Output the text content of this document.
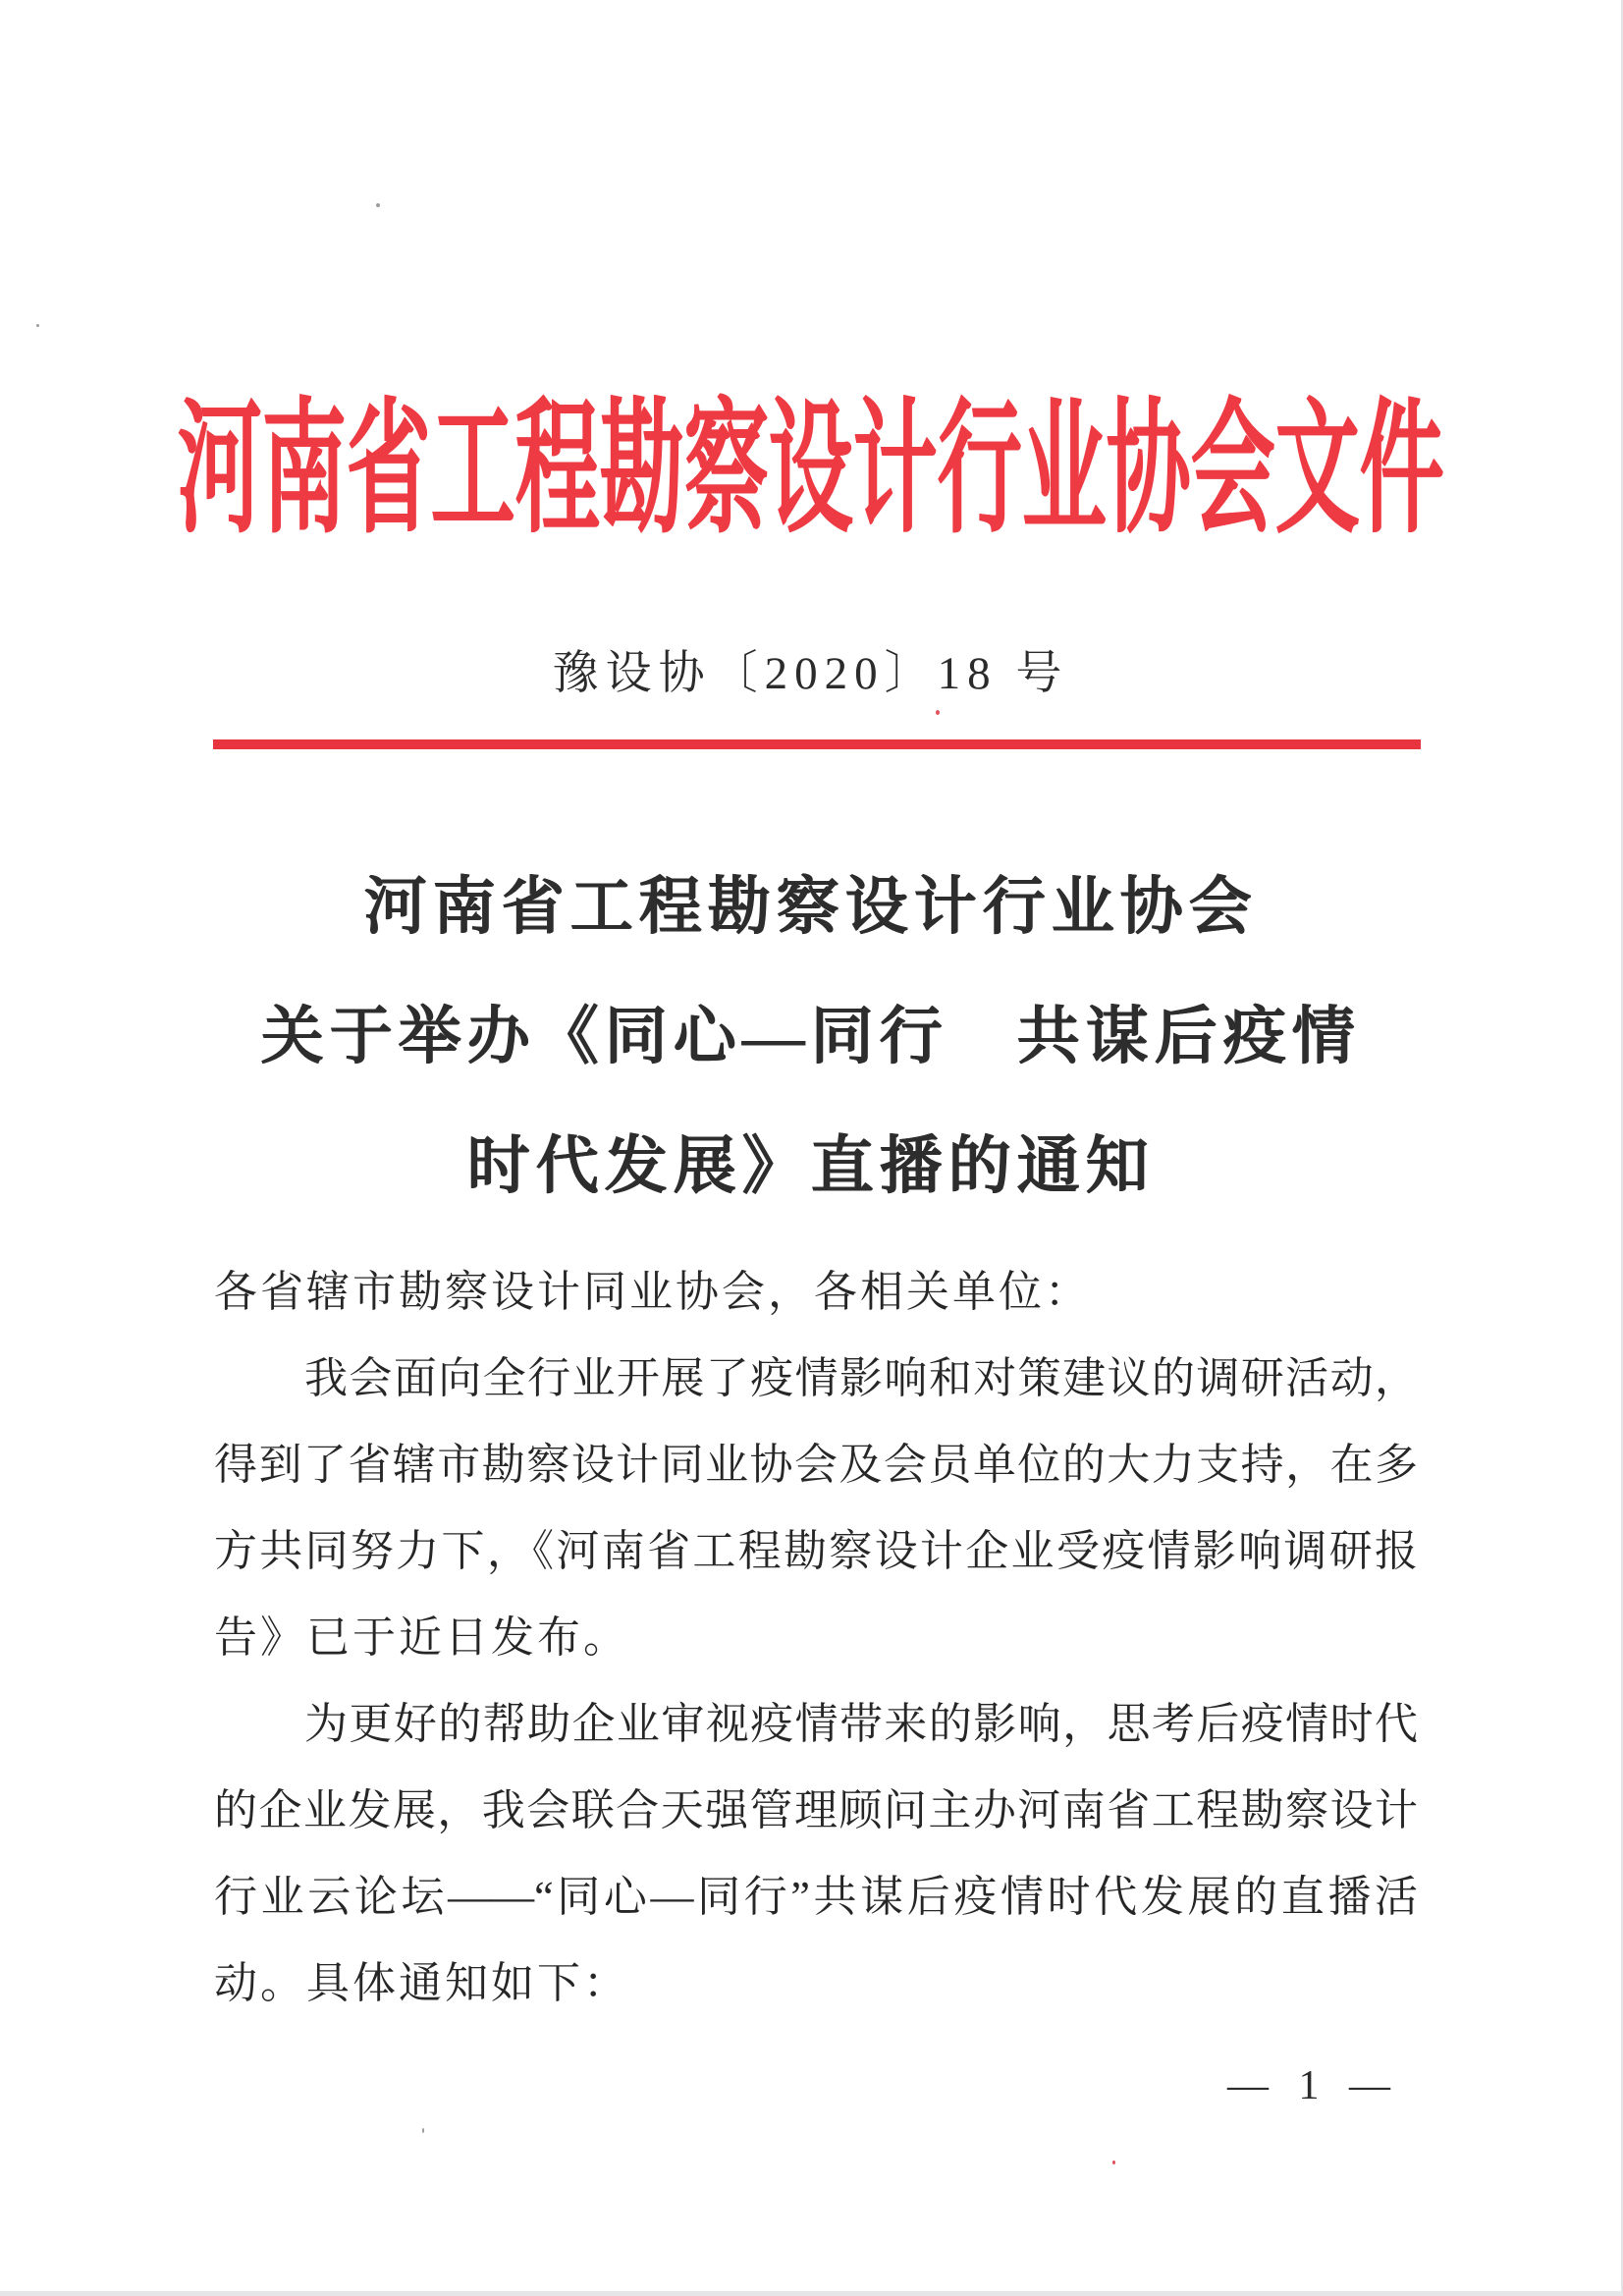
河南省工程勘察设计行业协会文件
豫设协〔2020〕18 号
河南省工程勘察设计行业协会
关于举办《同心—同行　共谋后疫情
时代发展》直播的通知
各省辖市勘察设计同业协会，各相关单位：
我会面向全行业开展了疫情影响和对策建议的调研活动，
得到了省辖市勘察设计同业协会及会员单位的大力支持，在多
方共同努力下，《河南省工程勘察设计企业受疫情影响调研报
告》已于近日发布。
为更好的帮助企业审视疫情带来的影响，思考后疫情时代
的企业发展，我会联合天强管理顾问主办河南省工程勘察设计
行业云论坛——“同心—同行”共谋后疫情时代发展的直播活
动。具体通知如下：
— 1 —
